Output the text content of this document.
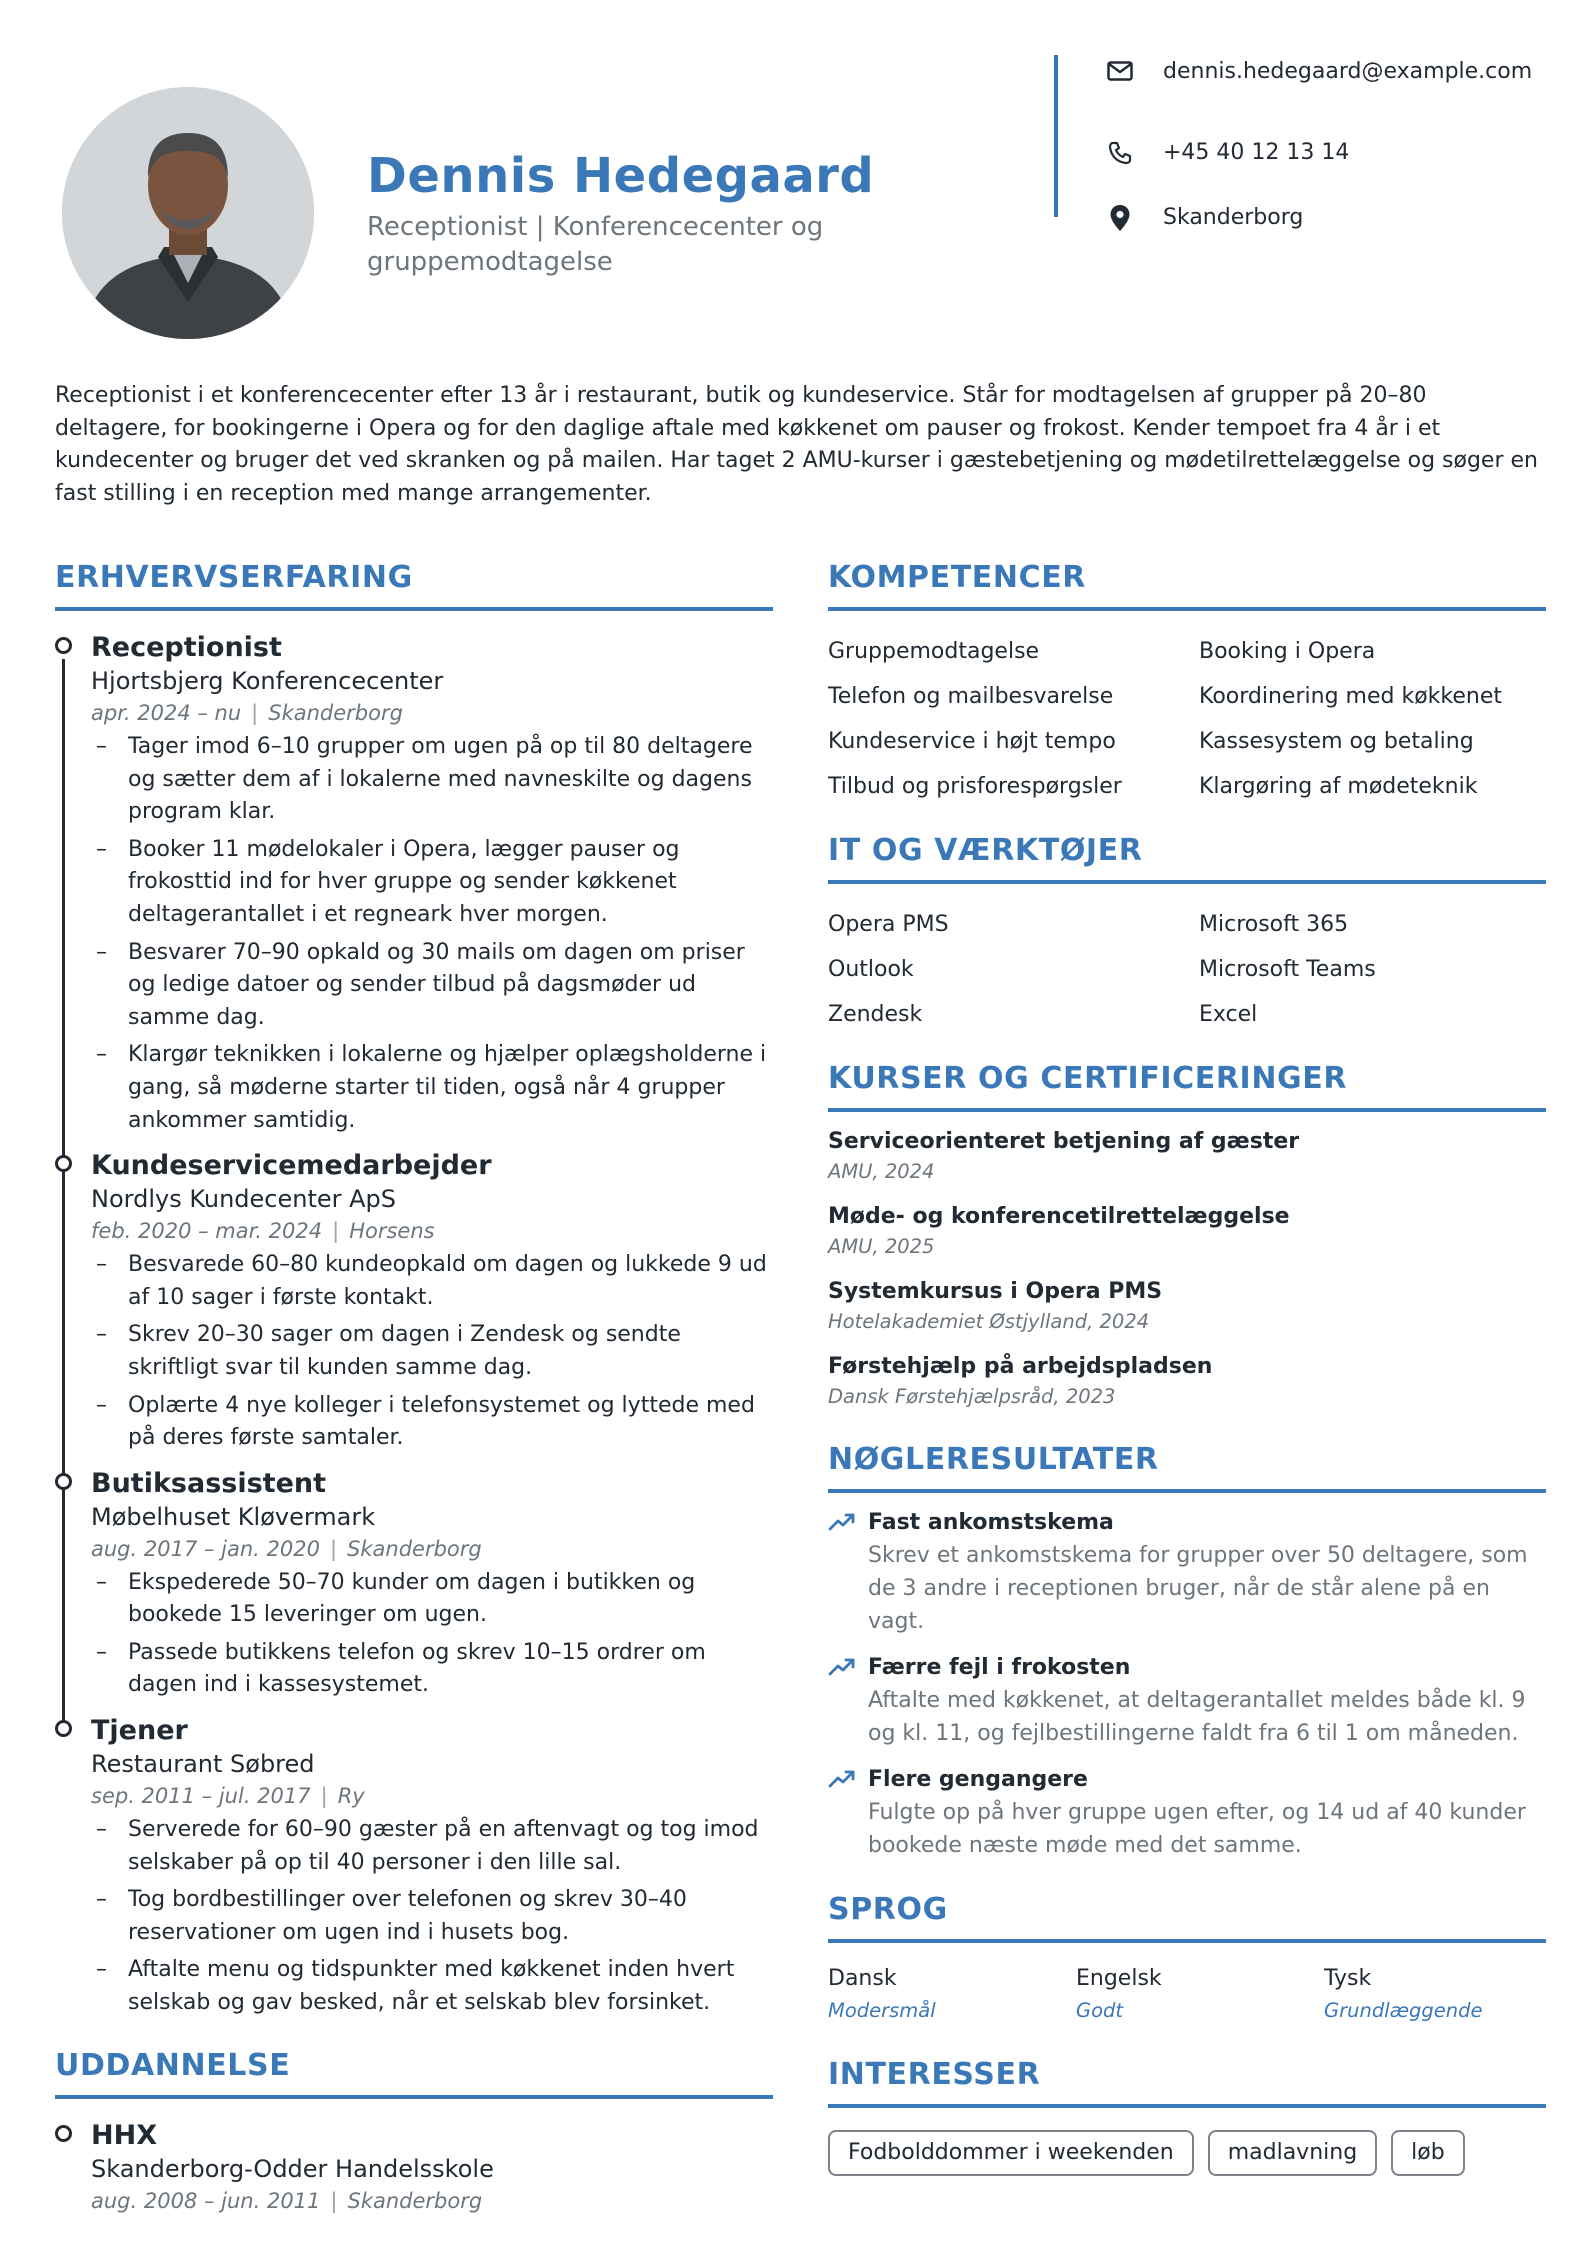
Dennis Hedegaard
Receptionist | Konferencecenter og gruppemodtagelse
dennis.hedegaard@example.com
+45 40 12 13 14
Skanderborg
Receptionist i et konferencecenter efter 13 år i restaurant, butik og kundeservice. Står for modtagelsen af grupper på 20–80 deltagere, for bookingerne i Opera og for den daglige aftale med køkkenet om pauser og frokost. Kender tempoet fra 4 år i et kundecenter og bruger det ved skranken og på mailen. Har taget 2 AMU-kurser i gæstebetjening og mødetilrettelæggelse og søger en fast stilling i en reception med mange arrangementer.
ERHVERVSERFARING
Receptionist
Hjortsbjerg Konferencecenter
apr. 2024 – nu | Skanderborg
– Tager imod 6–10 grupper om ugen på op til 80 deltagere og sætter dem af i lokalerne med navneskilte og dagens program klar.
– Booker 11 mødelokaler i Opera, lægger pauser og frokosttid ind for hver gruppe og sender køkkenet deltagerantallet i et regneark hver morgen.
– Besvarer 70–90 opkald og 30 mails om dagen om priser og ledige datoer og sender tilbud på dagsmøder ud samme dag.
– Klargør teknikken i lokalerne og hjælper oplægsholderne i gang, så møderne starter til tiden, også når 4 grupper ankommer samtidig.
Kundeservicemedarbejder
Nordlys Kundecenter ApS
feb. 2020 – mar. 2024 | Horsens
– Besvarede 60–80 kundeopkald om dagen og lukkede 9 ud af 10 sager i første kontakt.
– Skrev 20–30 sager om dagen i Zendesk og sendte skriftligt svar til kunden samme dag.
– Oplærte 4 nye kolleger i telefonsystemet og lyttede med på deres første samtaler.
Butiksassistent
Møbelhuset Kløvermark
aug. 2017 – jan. 2020 | Skanderborg
– Ekspederede 50–70 kunder om dagen i butikken og bookede 15 leveringer om ugen.
– Passede butikkens telefon og skrev 10–15 ordrer om dagen ind i kassesystemet.
Tjener
Restaurant Søbred
sep. 2011 – jul. 2017 | Ry
– Serverede for 60–90 gæster på en aftenvagt og tog imod selskaber på op til 40 personer i den lille sal.
– Tog bordbestillinger over telefonen og skrev 30–40 reservationer om ugen ind i husets bog.
– Aftalte menu og tidspunkter med køkkenet inden hvert selskab og gav besked, når et selskab blev forsinket.
UDDANNELSE
HHX
Skanderborg-Odder Handelsskole
aug. 2008 – jun. 2011 | Skanderborg
KOMPETENCER
Gruppemodtagelse	Booking i Opera
Telefon og mailbesvarelse	Koordinering med køkkenet
Kundeservice i højt tempo	Kassesystem og betaling
Tilbud og prisforespørgsler	Klargøring af mødeteknik
IT OG VÆRKTØJER
Opera PMS	Microsoft 365
Outlook	Microsoft Teams
Zendesk	Excel
KURSER OG CERTIFICERINGER
Serviceorienteret betjening af gæster
AMU, 2024
Møde- og konferencetilrettelæggelse
AMU, 2025
Systemkursus i Opera PMS
Hotelakademiet Østjylland, 2024
Førstehjælp på arbejdspladsen
Dansk Førstehjælpsråd, 2023
NØGLERESULTATER
Fast ankomstskema
Skrev et ankomstskema for grupper over 50 deltagere, som de 3 andre i receptionen bruger, når de står alene på en vagt.
Færre fejl i frokosten
Aftalte med køkkenet, at deltagerantallet meldes både kl. 9 og kl. 11, og fejlbestillingerne faldt fra 6 til 1 om måneden.
Flere gengangere
Fulgte op på hver gruppe ugen efter, og 14 ud af 40 kunder bookede næste møde med det samme.
SPROG
Dansk
Modersmål
Engelsk
Godt
Tysk
Grundlæggende
INTERESSER
Fodbolddommer i weekenden	madlavning	løb
